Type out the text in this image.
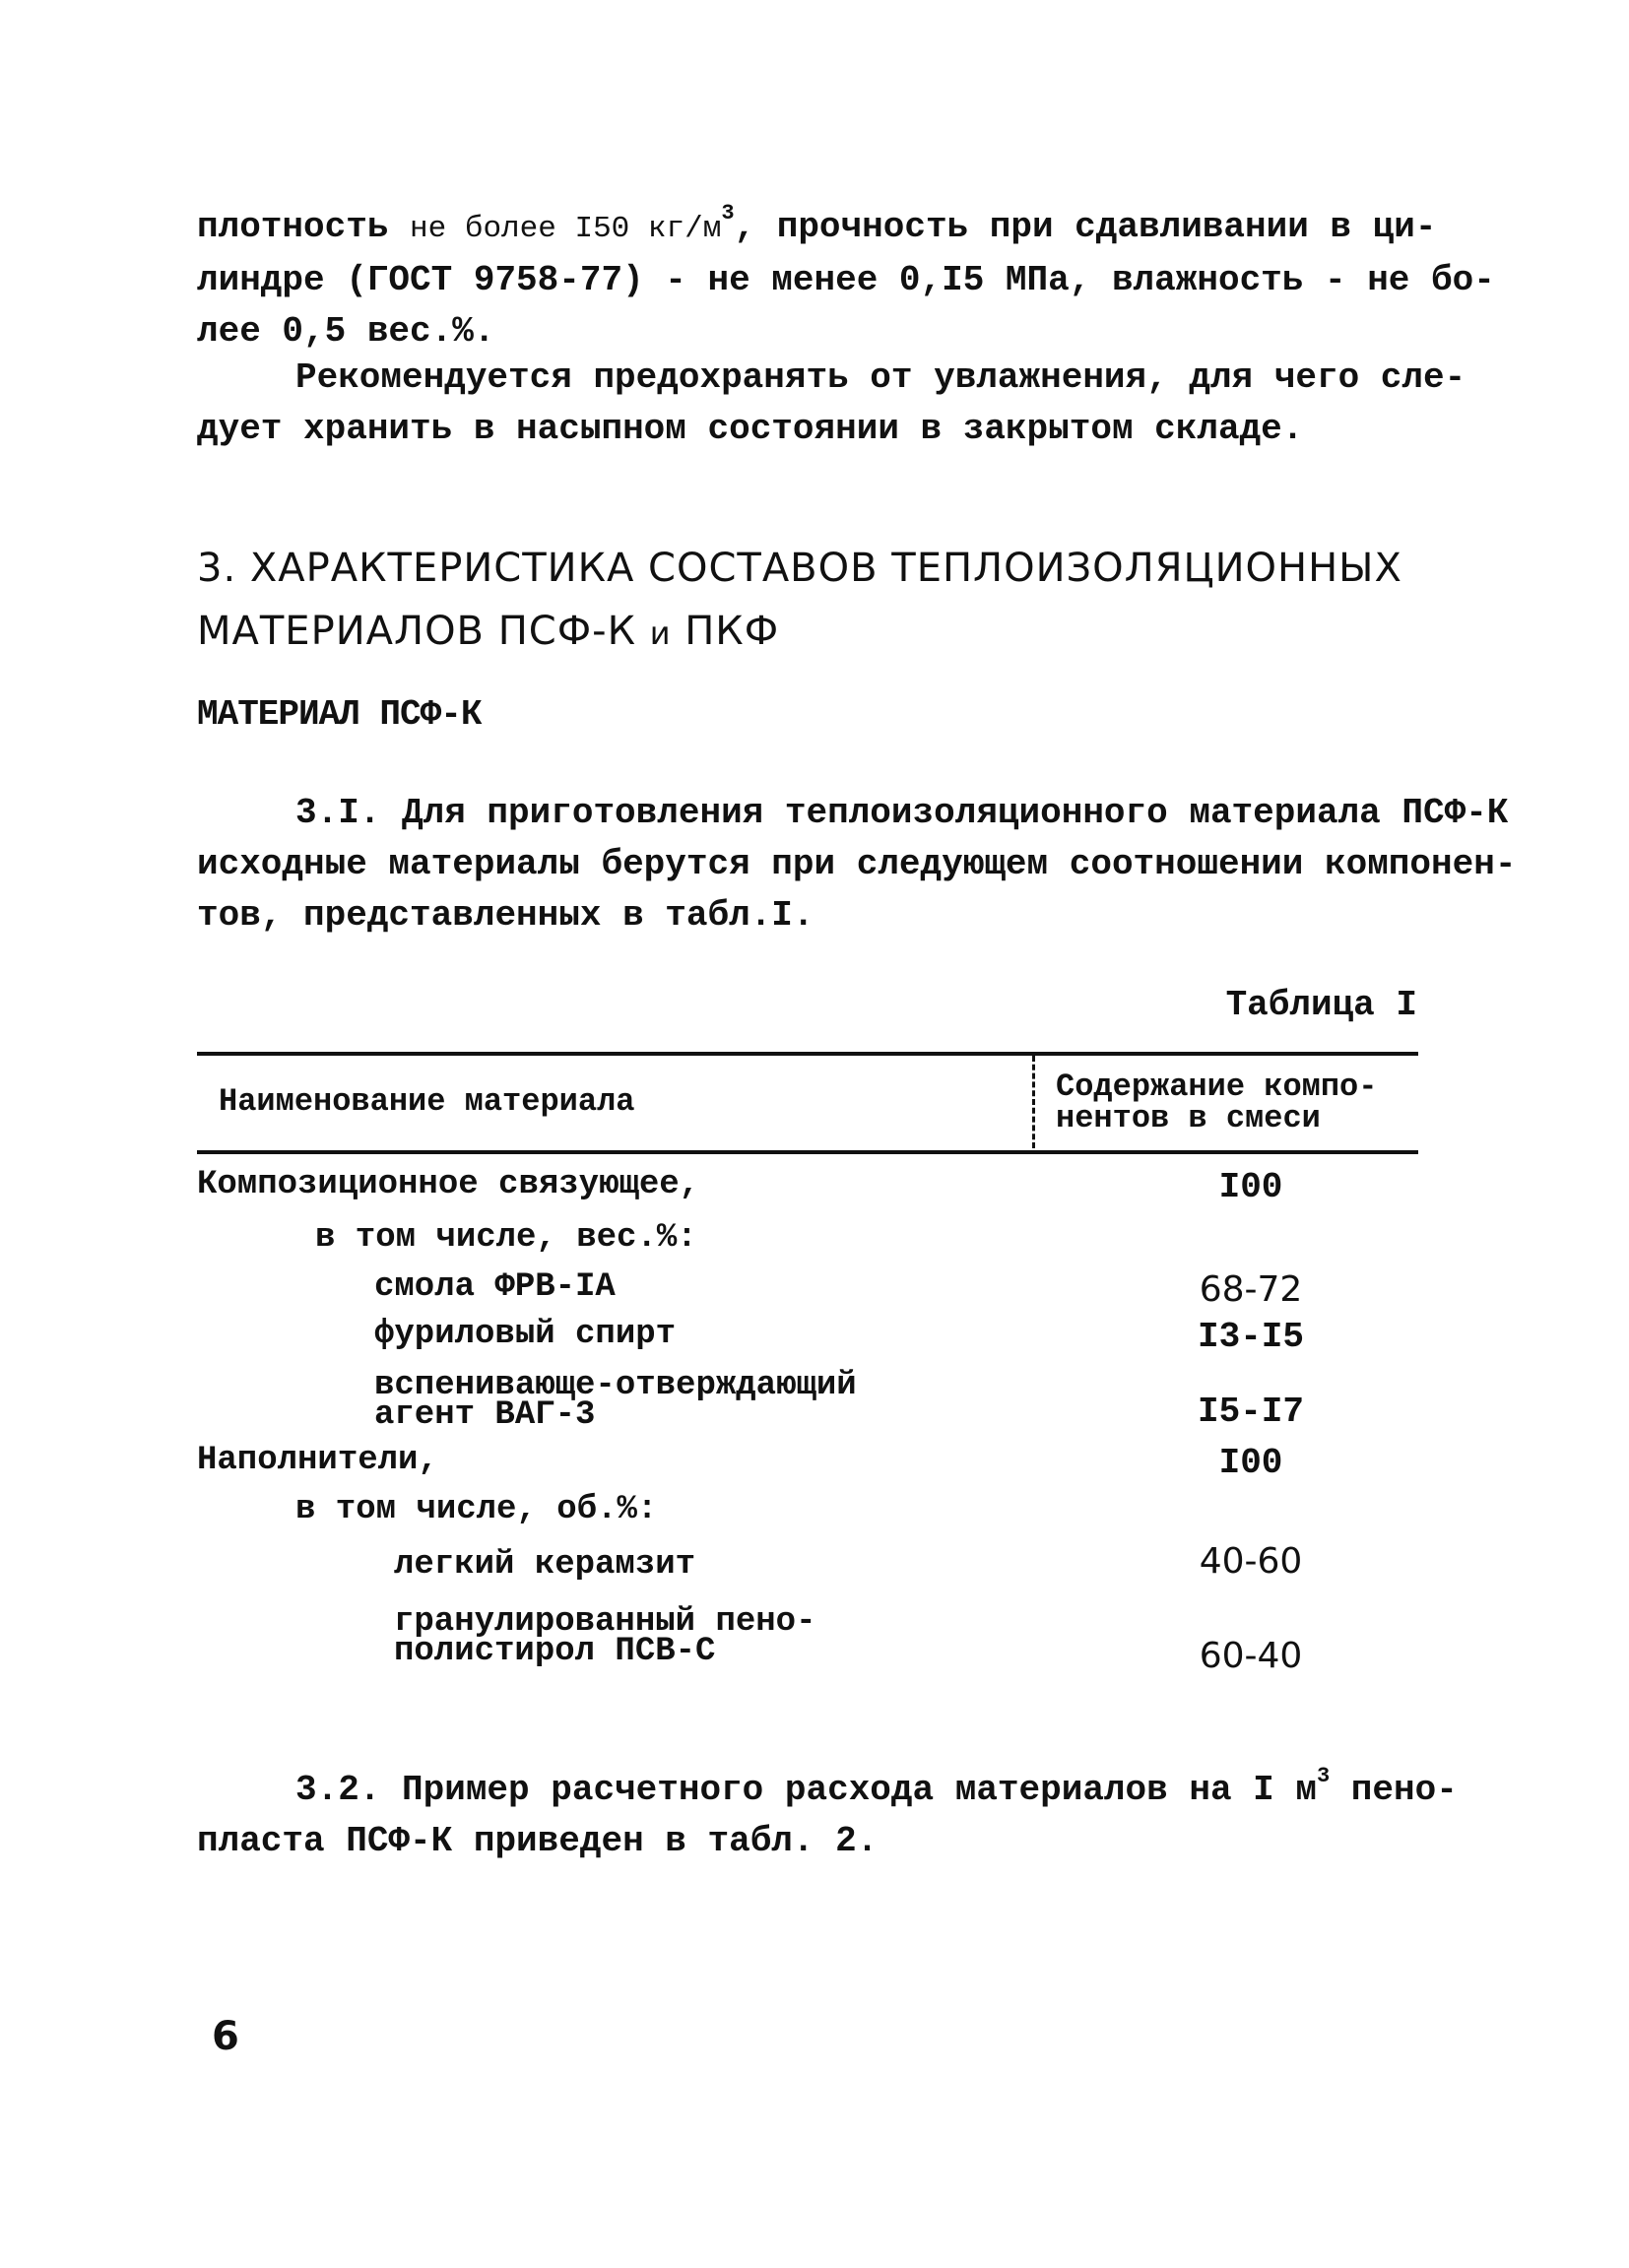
плотность не более I50 $кг/м^3$, прочность при сдавливании в ци-
линдре (ГОСТ 9758-77) - не менее 0,I5 МПа, влажность - не бо-
лее 0,5 вес.%.
Рекомендуется предохранять от увлажнения, для чего сле-
дует хранить в насыпном состоянии в закрытом складе.
3. ХАРАКТЕРИСТИКА СОСТАВОВ ТЕПЛОИЗОЛЯЦИОННЫХ
МАТЕРИАЛОВ ПСФ-К и ПКФ
МАТЕРИАЛ ПСФ-К
3.I. Для приготовления теплоизоляционного материала ПСФ-К
исходные материалы берутся при следующем соотношении компонен-
тов, представленных в табл.I.
Таблица I
Наименование материала	Содержание компо-
нентов в смеси
Композиционное связующее,	I00
в том числе, вес.%:
смола ФРВ-IА	68-72
фуриловый спирт	I3-I5
вспенивающе-отверждающий
агент ВАГ-3	I5-I7
Наполнители,	I00
в том числе, об.%:
легкий керамзит	40-60
гранулированный пено-
полистирол ПСВ-С	60-40
3.2. Пример расчетного расхода материалов на I $м^3$ пено-
пласта ПСФ-К приведен в табл. 2.
6
